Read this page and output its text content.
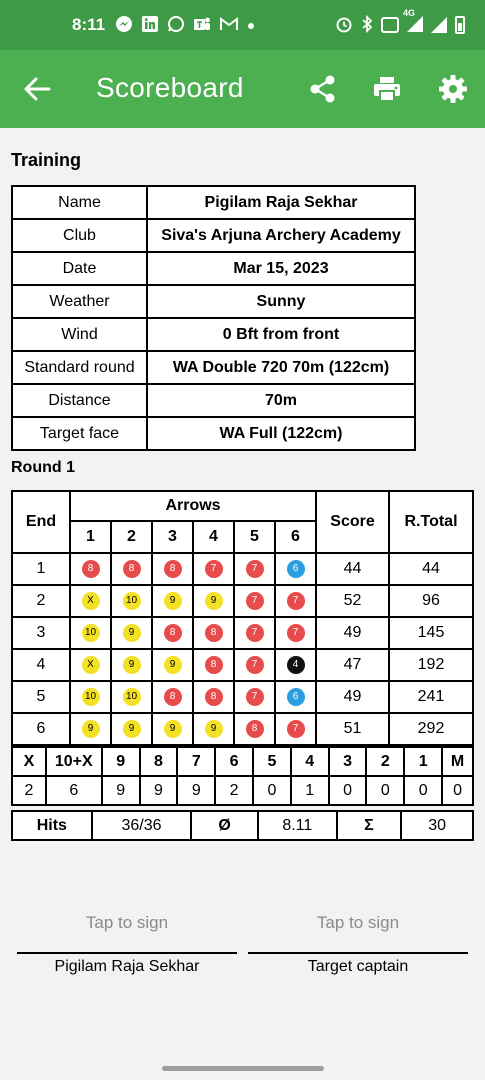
8:11
4G
Scoreboard
Training
Name	Pigilam Raja Sekhar
Club	Siva's Arjuna Archery Academy
Date	Mar 15, 2023
Weather	Sunny
Wind	0 Bft from front
Standard round	WA Double 720 70m (122cm)
Distance	70m
Target face	WA Full (122cm)
Round 1
End	Arrows						Score	R.Total
	1	2	3	4	5	6		
1	8	8	8	7	7	6	44	44
2	X	10	9	9	7	7	52	96
3	10	9	8	8	7	7	49	145
4	X	9	9	8	7	4	47	192
5	10	10	8	8	7	6	49	241
6	9	9	9	9	8	7	51	292
X	10+X	9	8	7	6	5	4	3	2	1	M
2	6	9	9	9	2	0	1	0	0	0	0
Hits	36/36	Ø	8.11	Σ	30
Tap to sign
Pigilam Raja Sekhar
Tap to sign
Target captain
